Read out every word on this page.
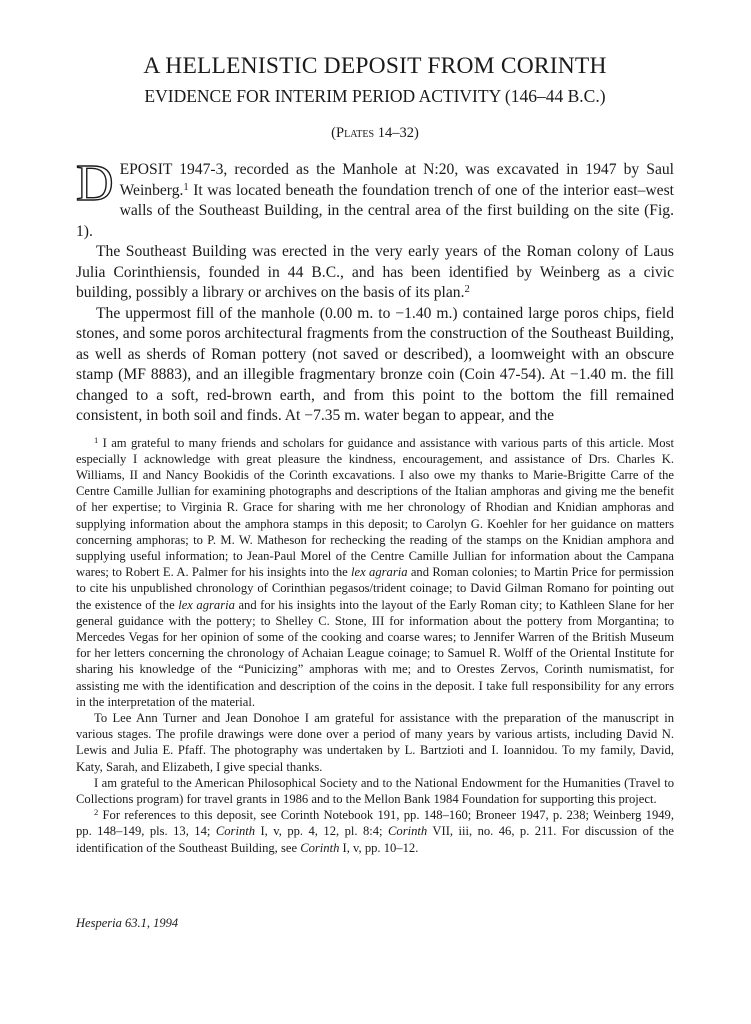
A HELLENISTIC DEPOSIT FROM CORINTH
EVIDENCE FOR INTERIM PERIOD ACTIVITY (146–44 B.C.)
(Plates 14–32)

DEPOSIT 1947-3, recorded as the Manhole at N:20, was excavated in 1947 by Saul Weinberg.$^1$ It was located beneath the foundation trench of one of the interior east–west walls of the Southeast Building, in the central area of the first building on the site (Fig. 1).

The Southeast Building was erected in the very early years of the Roman colony of Laus Julia Corinthiensis, founded in 44 B.C., and has been identified by Weinberg as a civic building, possibly a library or archives on the basis of its plan.$^2$

The uppermost fill of the manhole (0.00 m. to −1.40 m.) contained large poros chips, field stones, and some poros architectural fragments from the construction of the Southeast Building, as well as sherds of Roman pottery (not saved or described), a loomweight with an obscure stamp (MF 8883), and an illegible fragmentary bronze coin (Coin 47-54). At −1.40 m. the fill changed to a soft, red-brown earth, and from this point to the bottom the fill remained consistent, in both soil and finds. At −7.35 m. water began to appear, and the

$^1$ I am grateful to many friends and scholars for guidance and assistance with various parts of this article. Most especially I acknowledge with great pleasure the kindness, encouragement, and assistance of Drs. Charles K. Williams, II and Nancy Bookidis of the Corinth excavations. I also owe my thanks to Marie-Brigitte Carre of the Centre Camille Jullian for examining photographs and descriptions of the Italian amphoras and giving me the benefit of her expertise; to Virginia R. Grace for sharing with me her chronology of Rhodian and Knidian amphoras and supplying information about the amphora stamps in this deposit; to Carolyn G. Koehler for her guidance on matters concerning amphoras; to P. M. W. Matheson for rechecking the reading of the stamps on the Knidian amphora and supplying useful information; to Jean-Paul Morel of the Centre Camille Jullian for information about the Campana wares; to Robert E. A. Palmer for his insights into the lex agraria and Roman colonies; to Martin Price for permission to cite his unpublished chronology of Corinthian pegasos/trident coinage; to David Gilman Romano for pointing out the existence of the lex agraria and for his insights into the layout of the Early Roman city; to Kathleen Slane for her general guidance with the pottery; to Shelley C. Stone, III for information about the pottery from Morgantina; to Mercedes Vegas for her opinion of some of the cooking and coarse wares; to Jennifer Warren of the British Museum for her letters concerning the chronology of Achaian League coinage; to Samuel R. Wolff of the Oriental Institute for sharing his knowledge of the “Punicizing” amphoras with me; and to Orestes Zervos, Corinth numismatist, for assisting me with the identification and description of the coins in the deposit. I take full responsibility for any errors in the interpretation of the material.

To Lee Ann Turner and Jean Donohoe I am grateful for assistance with the preparation of the manuscript in various stages. The profile drawings were done over a period of many years by various artists, including David N. Lewis and Julia E. Pfaff. The photography was undertaken by L. Bartzioti and I. Ioannidou. To my family, David, Katy, Sarah, and Elizabeth, I give special thanks.

I am grateful to the American Philosophical Society and to the National Endowment for the Humanities (Travel to Collections program) for travel grants in 1986 and to the Mellon Bank 1984 Foundation for supporting this project.

$^2$ For references to this deposit, see Corinth Notebook 191, pp. 148–160; Broneer 1947, p. 238; Weinberg 1949, pp. 148–149, pls. 13, 14; Corinth I, v, pp. 4, 12, pl. 8:4; Corinth VII, iii, no. 46, p. 211. For discussion of the identification of the Southeast Building, see Corinth I, v, pp. 10–12.

Hesperia 63.1, 1994
